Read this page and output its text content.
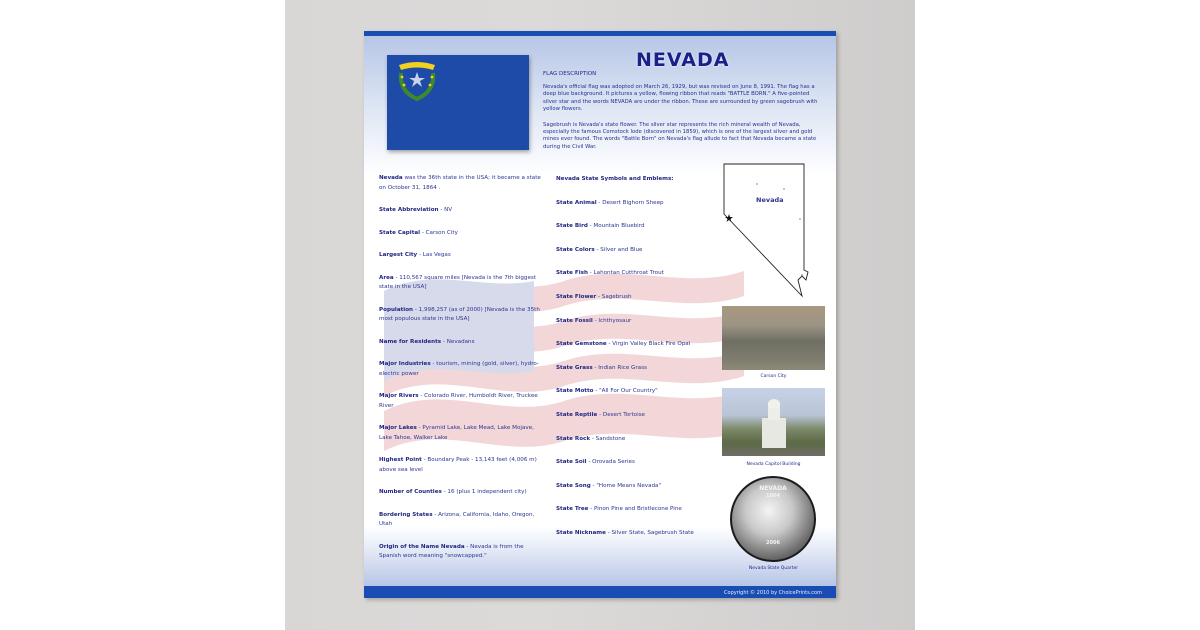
NEVADA
FLAG DESCRIPTION

Nevada's official flag was adopted on March 26, 1929, but was revised on June 8, 1991. The flag has a deep blue background. It pictures a yellow, flowing ribbon that reads "BATTLE BORN." A five-pointed silver star and the words NEVADA are under the ribbon. These are surrounded by green sagebrush with yellow flowers.

Sagebrush is Nevada's state flower. The silver star represents the rich mineral wealth of Nevada, especially the famous Comstock lode (discovered in 1859), which is one of the largest silver and gold mines ever found. The words "Battle Born" on Nevada's flag allude to fact that Nevada became a state during the Civil War.

Nevada was the 36th state in the USA; it became a state on October 31, 1864 .

State Abbreviation - NV

State Capital - Carson City

Largest City - Las Vegas

Area - 110,567 square miles [Nevada is the 7th biggest state in the USA]

Population - 1,998,257 (as of 2000) [Nevada is the 35th most populous state in the USA]

Name for Residents - Nevadans

Major Industries - tourism, mining (gold, silver), hydro-electric power

Major Rivers - Colorado River, Humboldt River, Truckee River

Major Lakes - Pyramid Lake, Lake Mead, Lake Mojave, Lake Tahoe, Walker Lake

Highest Point - Boundary Peak - 13,143 feet (4,006 m) above sea level

Number of Counties - 16 (plus 1 independent city)

Bordering States - Arizona, California, Idaho, Oregon, Utah

Origin of the Name Nevada - Nevada is from the Spanish word meaning "snowcapped."

Nevada State Symbols and Emblems:

State Animal - Desert Bighorn Sheep

State Bird - Mountain Bluebird

State Colors - Silver and Blue

State Fish - Lahontan Cutthroat Trout

State Flower - Sagebrush

State Fossil - Ichthyosaur

State Gemstone - Virgin Valley Black Fire Opal

State Grass - Indian Rice Grass

State Motto - "All For Our Country"

State Reptile - Desert Tortoise

State Rock - Sandstone

State Soil - Orovada Series

State Song - "Home Means Nevada"

State Tree - Pinon Pine and Bristlecone Pine

State Nickname - Silver State, Sagebrush State

Nevada
Carson City
Nevada Capitol Building
NEVADA
1864
2006
Nevada State Quarter
Copyright © 2010 by ChoicePrints.com
